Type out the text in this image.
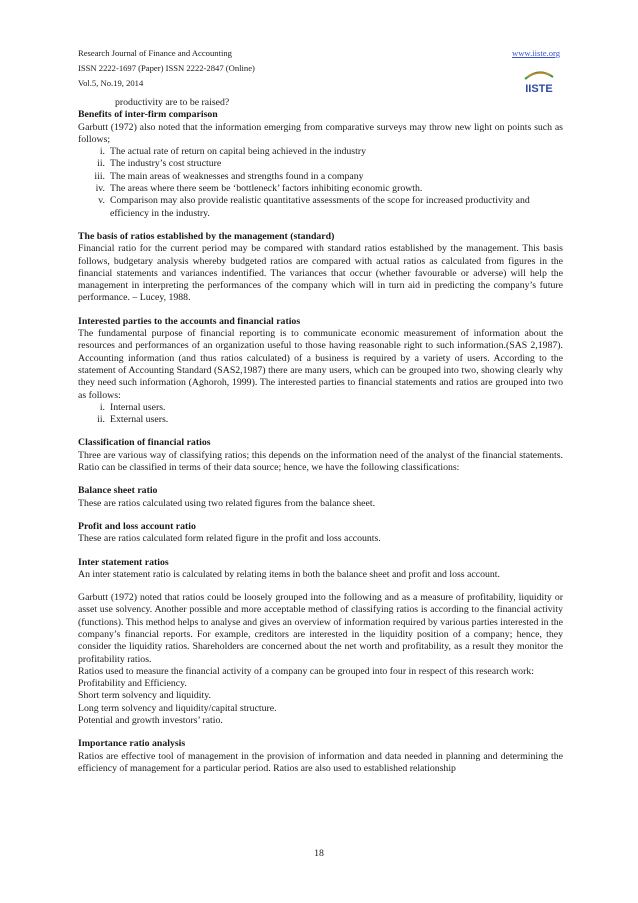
Research Journal of Finance and Accounting
ISSN 2222-1697 (Paper) ISSN 2222-2847 (Online)
Vol.5, No.19, 2014
www.iiste.org
IISTE

productivity are to be raised?

Benefits of inter-firm comparison

Garbutt (1972) also noted that the information emerging from comparative surveys may throw new light on points such as follows;

i. The actual rate of return on capital being achieved in the industry
ii. The industry’s cost structure
iii. The main areas of weaknesses and strengths found in a company
iv. The areas where there seem be ‘bottleneck’ factors inhibiting economic growth.
v. Comparison may also provide realistic quantitative assessments of the scope for increased productivity and efficiency in the industry.

The basis of ratios established by the management (standard)

Financial ratio for the current period may be compared with standard ratios established by the management. This basis follows, budgetary analysis whereby budgeted ratios are compared with actual ratios as calculated from figures in the financial statements and variances indentified. The variances that occur (whether favourable or adverse) will help the management in interpreting the performances of the company which will in turn aid in predicting the company’s future performance. – Lucey, 1988.

Interested parties to the accounts and financial ratios

The fundamental purpose of financial reporting is to communicate economic measurement of information about the resources and performances of an organization useful to those having reasonable right to such information.(SAS 2,1987). Accounting information (and thus ratios calculated) of a business is required by a variety of users. According to the statement of Accounting Standard (SAS2,1987) there are many users, which can be grouped into two, showing clearly why they need such information (Aghoroh, 1999). The interested parties to financial statements and ratios are grouped into two as follows:

i. Internal users.
ii. External users.

Classification of financial ratios

Three are various way of classifying ratios; this depends on the information need of the analyst of the financial statements. Ratio can be classified in terms of their data source; hence, we have the following classifications:

Balance sheet ratio

These are ratios calculated using two related figures from the balance sheet.

Profit and loss account ratio

These are ratios calculated form related figure in the profit and loss accounts.

Inter statement ratios

An inter statement ratio is calculated by relating items in both the balance sheet and profit and loss account.

Garbutt (1972) noted that ratios could be loosely grouped into the following and as a measure of profitability, liquidity or asset use solvency. Another possible and more acceptable method of classifying ratios is according to the financial activity (functions). This method helps to analyse and gives an overview of information required by various parties interested in the company’s financial reports. For example, creditors are interested in the liquidity position of a company; hence, they consider the liquidity ratios. Shareholders are concerned about the net worth and profitability, as a result they monitor the profitability ratios.

Ratios used to measure the financial activity of a company can be grouped into four in respect of this research work:

Profitability and Efficiency.
Short term solvency and liquidity.
Long term solvency and liquidity/capital structure.
Potential and growth investors’ ratio.

Importance ratio analysis

Ratios are effective tool of management in the provision of information and data needed in planning and determining the efficiency of management for a particular period. Ratios are also used to established relationship

18
